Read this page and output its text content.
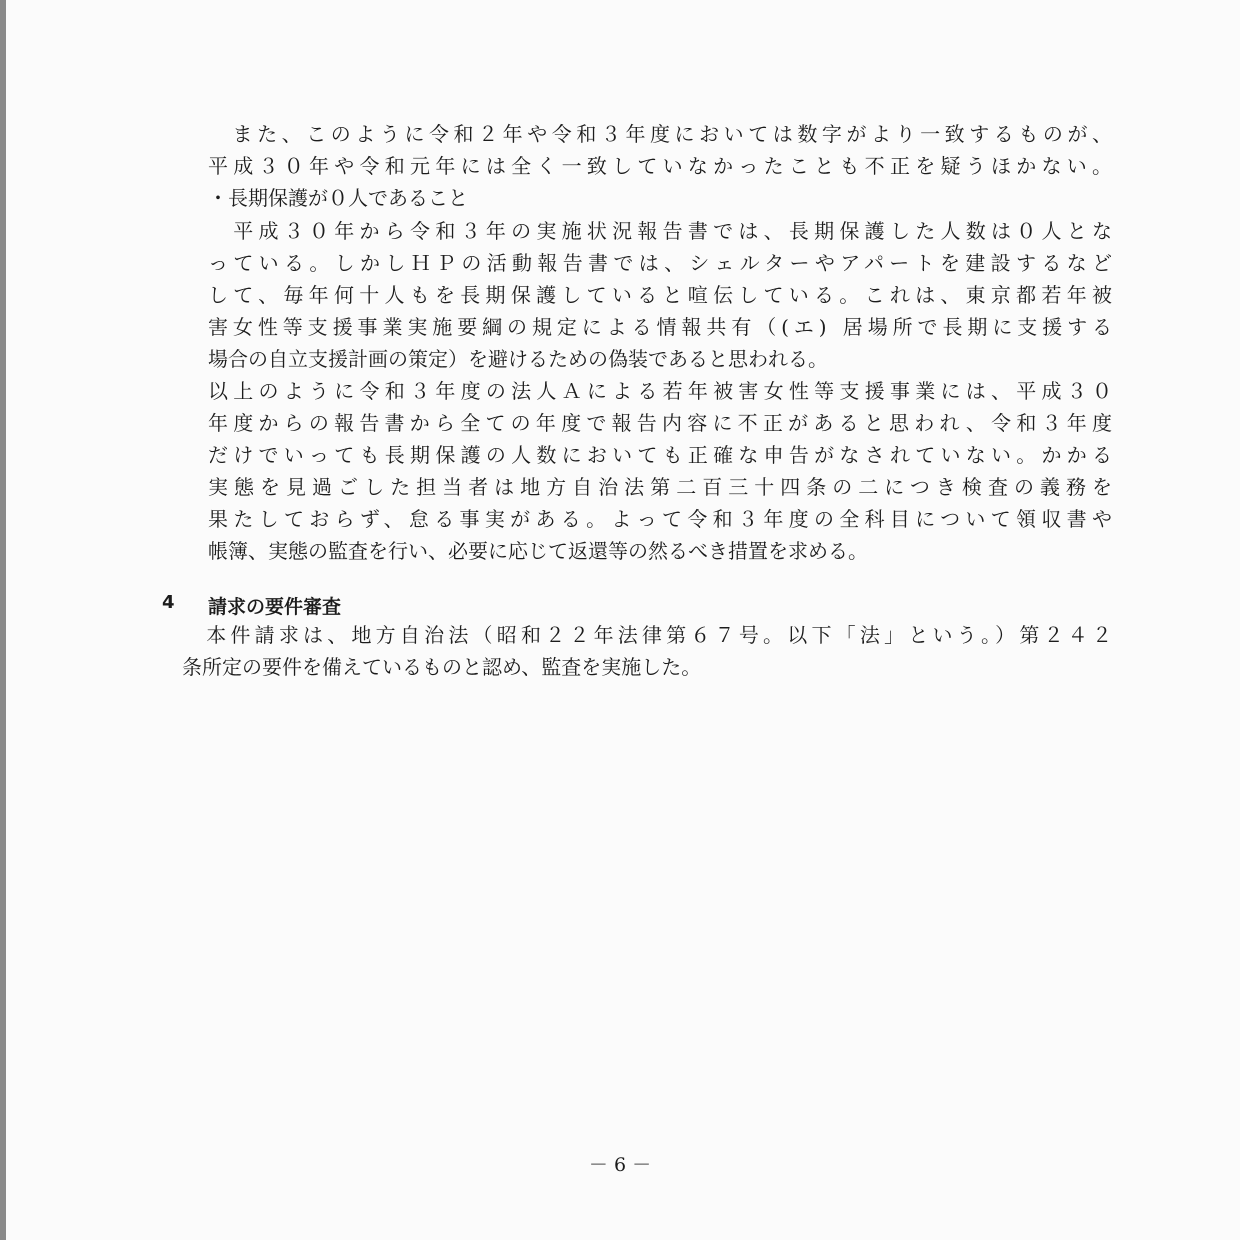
　また、このように令和２年や令和３年度においては数字がより一致するものが、
平成３０年や令和元年には全く一致していなかったことも不正を疑うほかない。
・長期保護が０人であること
　平成３０年から令和３年の実施状況報告書では、長期保護した人数は０人とな
っている。しかしＨＰの活動報告書では、シェルターやアパートを建設するなど
して、毎年何十人もを長期保護していると喧伝している。これは、東京都若年被
害女性等支援事業実施要綱の規定による情報共有（(エ) 居場所で長期に支援する
場合の自立支援計画の策定）を避けるための偽装であると思われる。
以上のように令和３年度の法人Ａによる若年被害女性等支援事業には、平成３０
年度からの報告書から全ての年度で報告内容に不正があると思われ、令和３年度
だけでいっても長期保護の人数においても正確な申告がなされていない。かかる
実態を見過ごした担当者は地方自治法第二百三十四条の二につき検査の義務を
果たしておらず、怠る事実がある。よって令和３年度の全科目について領収書や
帳簿、実態の監査を行い、必要に応じて返還等の然るべき措置を求める。
4 請求の要件審査
　本件請求は、地方自治法（昭和２２年法律第６７号。以下「法」という。）第２４２
条所定の要件を備えているものと認め、監査を実施した。
－ 6 －
